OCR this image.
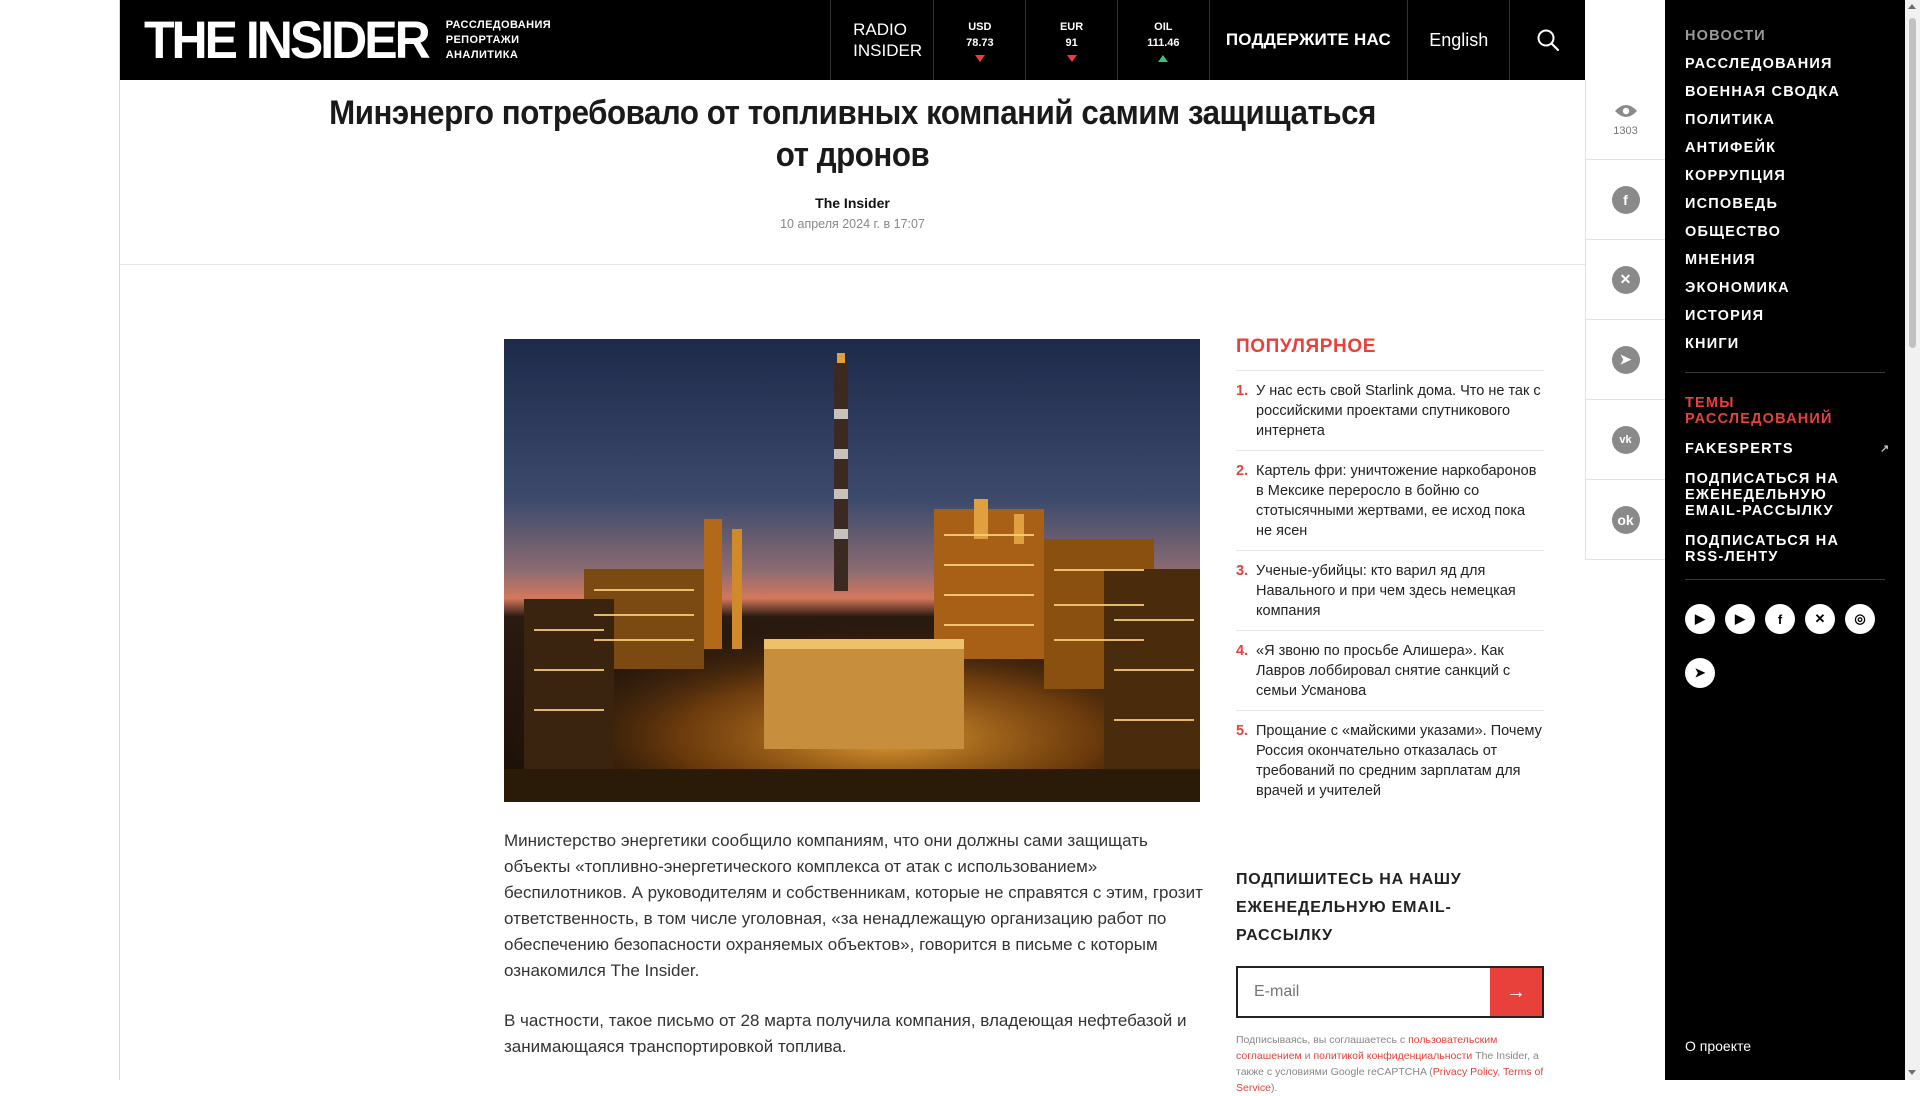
THE INSIDER РАССЛЕДОВАНИЯ
РЕПОРТАЖИ
АНАЛИТИКА
RADIO
INSIDER
USD
78.73
EUR
91
OIL
111.46	ПОДДЕРЖИТЕ НАС	English	НОВОСТИ
РАССЛЕДОВАНИЯ
ВОЕННАЯ СВОДКА
ПОЛИТИКА
АНТИФЕЙК
КОРРУПЦИЯ
ИСПОВЕДЬ
ОБЩЕСТВО
МНЕНИЯ
ЭКОНОМИКА
ИСТОРИЯ
КНИГИ
ТЕМЫ РАССЛЕДОВАНИЙ
FAKESPERTS	↗
ПОДПИСАТЬСЯ НА ЕЖЕНЕДЕЛЬНУЮ EMAIL-РАССЫЛКУ
ПОДПИСАТЬСЯ НА RSS-ЛЕНТУ
▶	▶	f	✕	◎
➤
О проекте
Минэнерго потребовало от топливных компаний самим защищаться от дронов
The Insider
10 апреля 2024 г. в 17:07
1303
f
✕
➤
vk
ok

Министерство энергетики сообщило компаниям, что они должны сами защищать объекты «топливно-энергетического комплекса от атак с использованием» беспилотников. А руководителям и собственникам, которые не справятся с этим, грозит ответственность, в том числе уголовная, «за ненадлежащую организацию работ по обеспечению безопасности охраняемых объектов», говорится в письме с которым ознакомился The Insider.

В частности, такое письмо от 28 марта получила компания, владеющая нефтебазой и занимающаяся транспортировкой топлива.

ПОПУЛЯРНОЕ
1. У нас есть свой Starlink дома. Что не так с российскими проектами спутникового интернета
2. Картель фри: уничтожение наркобаронов в Мексике переросло в бойню со стотысячными жертвами, ее исход пока не ясен
3. Ученые-убийцы: кто варил яд для Навального и при чем здесь немецкая компания
4. «Я звоню по просьбе Алишера». Как Лавров лоббировал снятие санкций с семьи Усманова
5. Прощание с «майскими указами». Почему Россия окончательно отказалась от требований по средним зарплатам для врачей и учителей
ПОДПИШИТЕСЬ НА НАШУ ЕЖЕНЕДЕЛЬНУЮ EMAIL-РАССЫЛКУ
E-mail
→
Подписываясь, вы соглашаетесь с пользовательским соглашением и политикой конфиденциальности The Insider, а также с условиями Google reCAPTCHA (Privacy Policy, Terms of Service).
